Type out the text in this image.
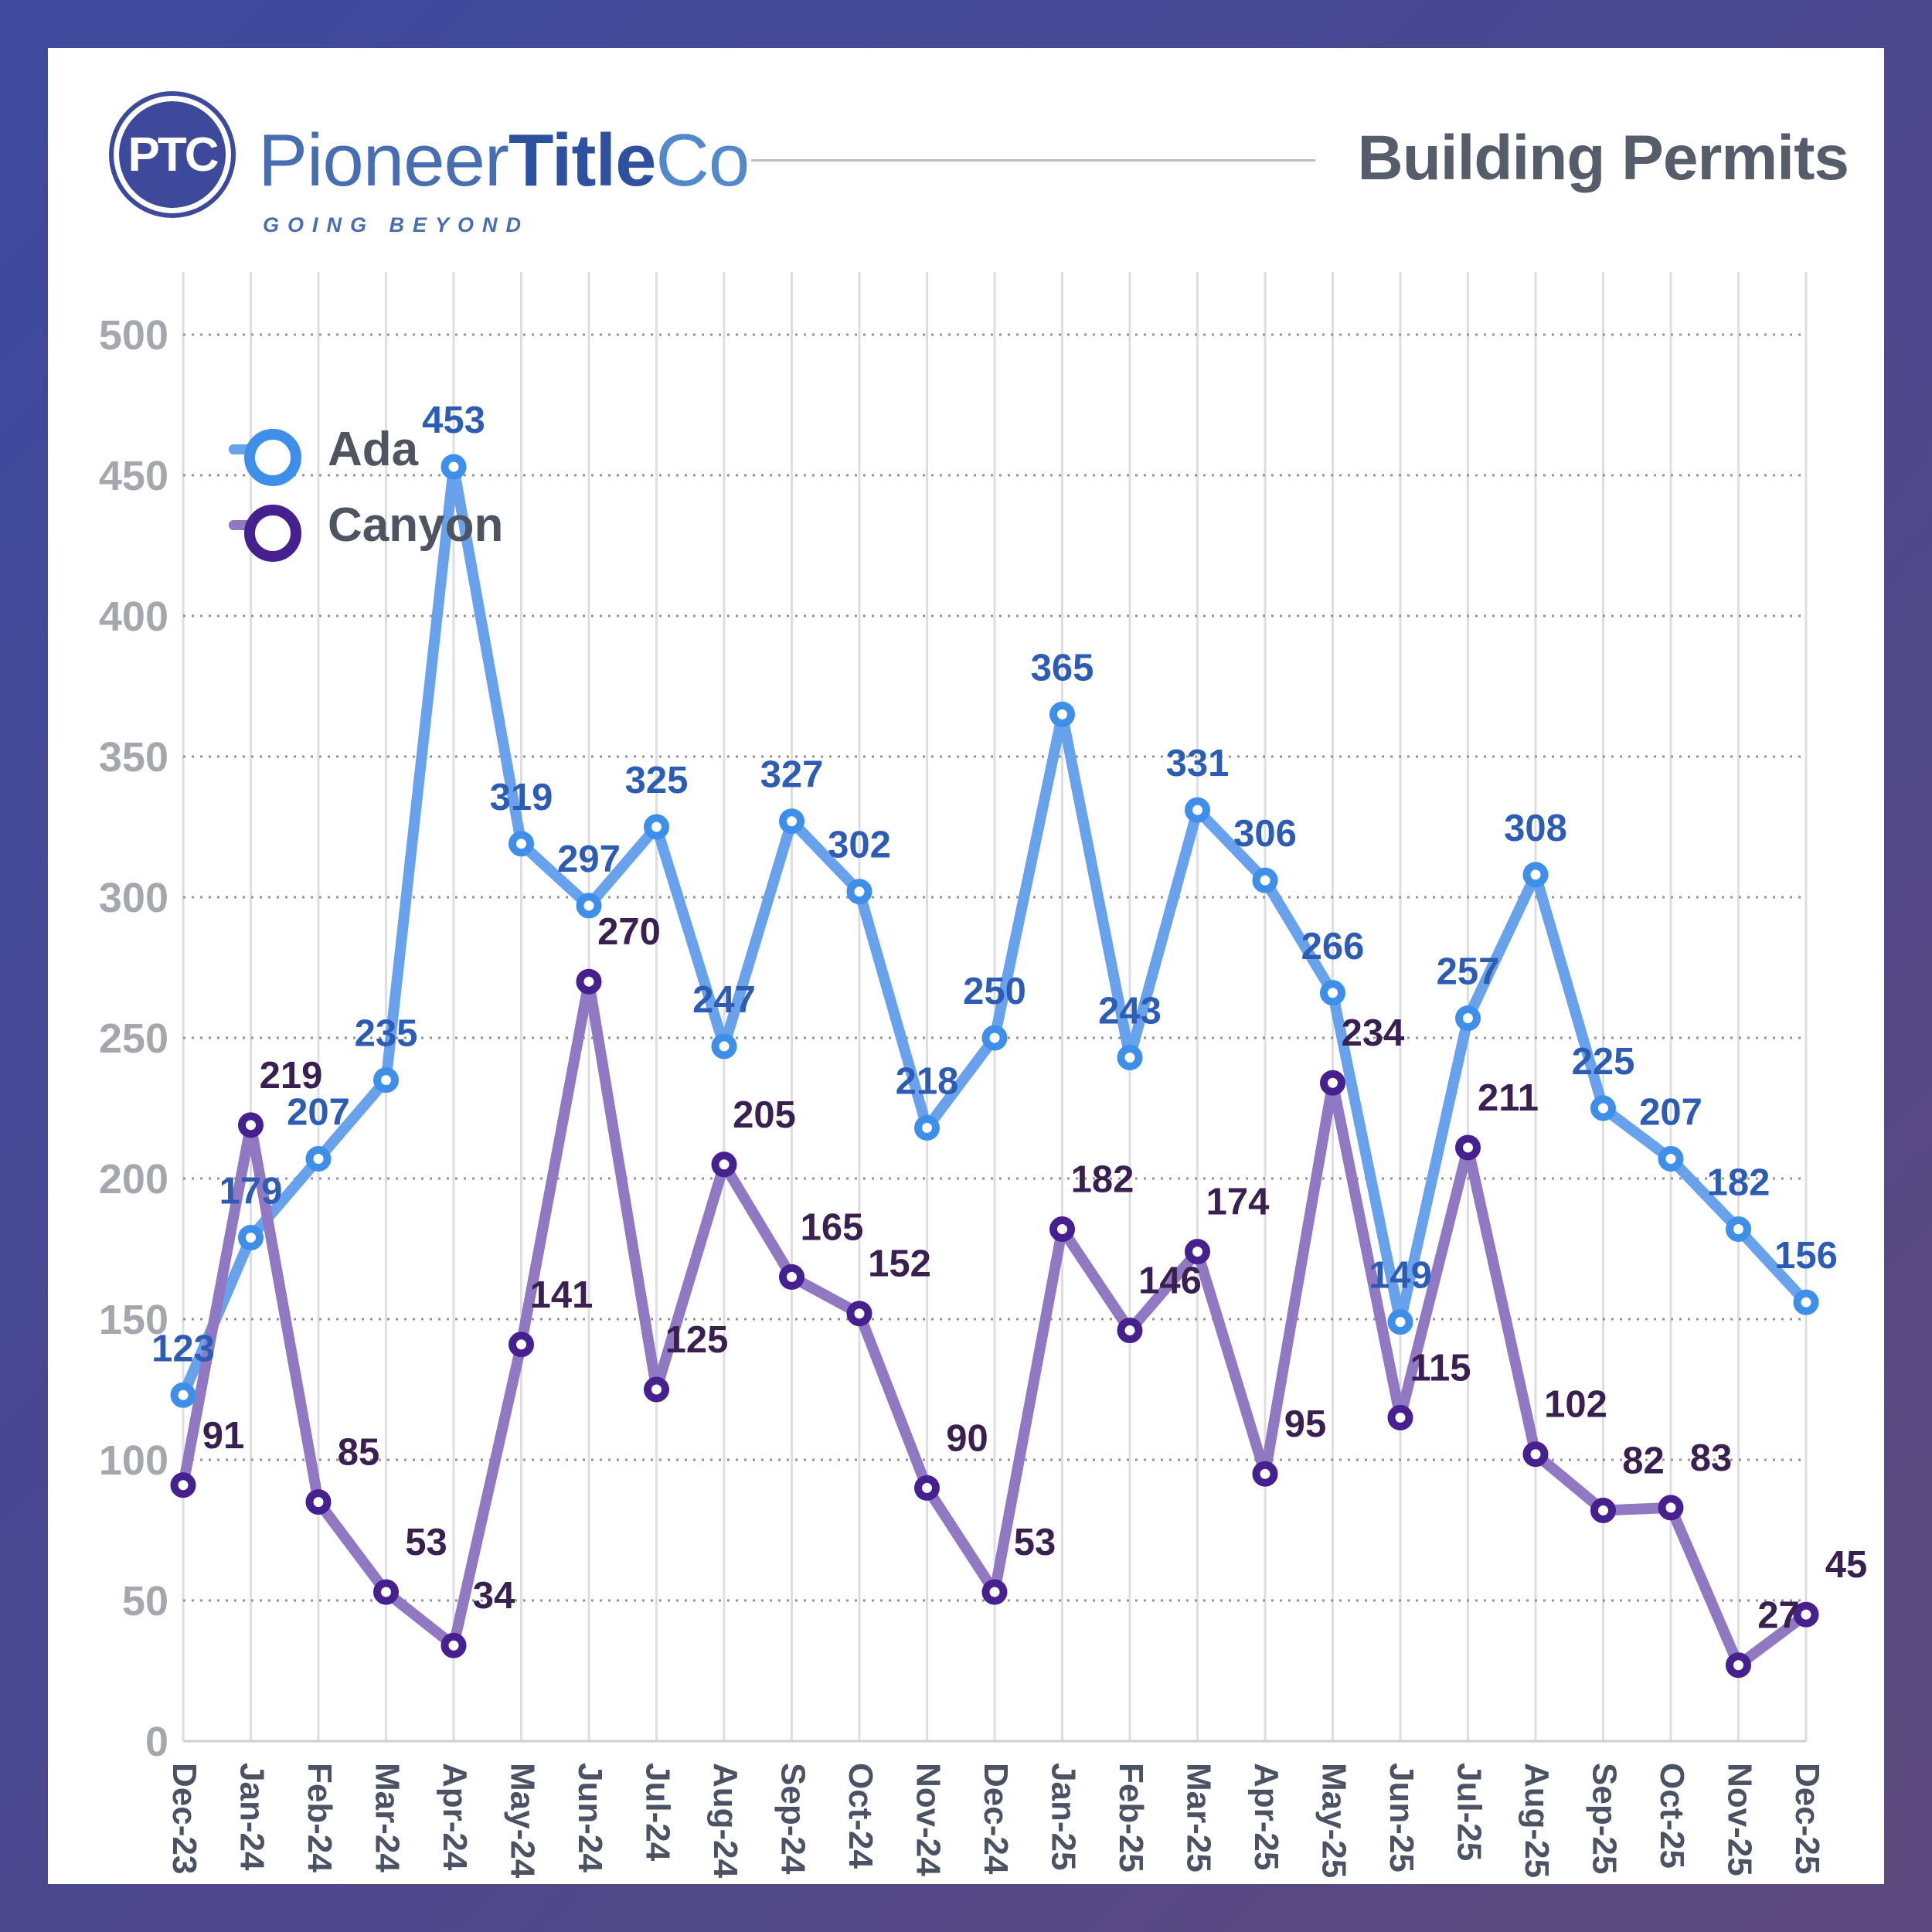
PTC PioneerTitleCo
GOING BEYOND
Building Permits
0
50
100
150
200
250
300
350
400
450
500
Dec-23 Jan-24 Feb-24 Mar-24 Apr-24 May-24 Jun-24 Jul-24 Aug-24 Sep-24 Oct-24 Nov-24 Dec-24 Jan-25 Feb-25 Mar-25 Apr-25 May-25 Jun-25 Jul-25 Aug-25 Sep-25 Oct-25 Nov-25 Dec-25
123
179
207
235
453
319
297
325
247
327
302
218
250
365
243
331
306
266
149
257
308
225
207
182
156
91
219
85
53
34
141
270
125
205
165
152
90
53
182
146
174
95
234
115
211
102
82 83
27
45
Ada
Canyon
